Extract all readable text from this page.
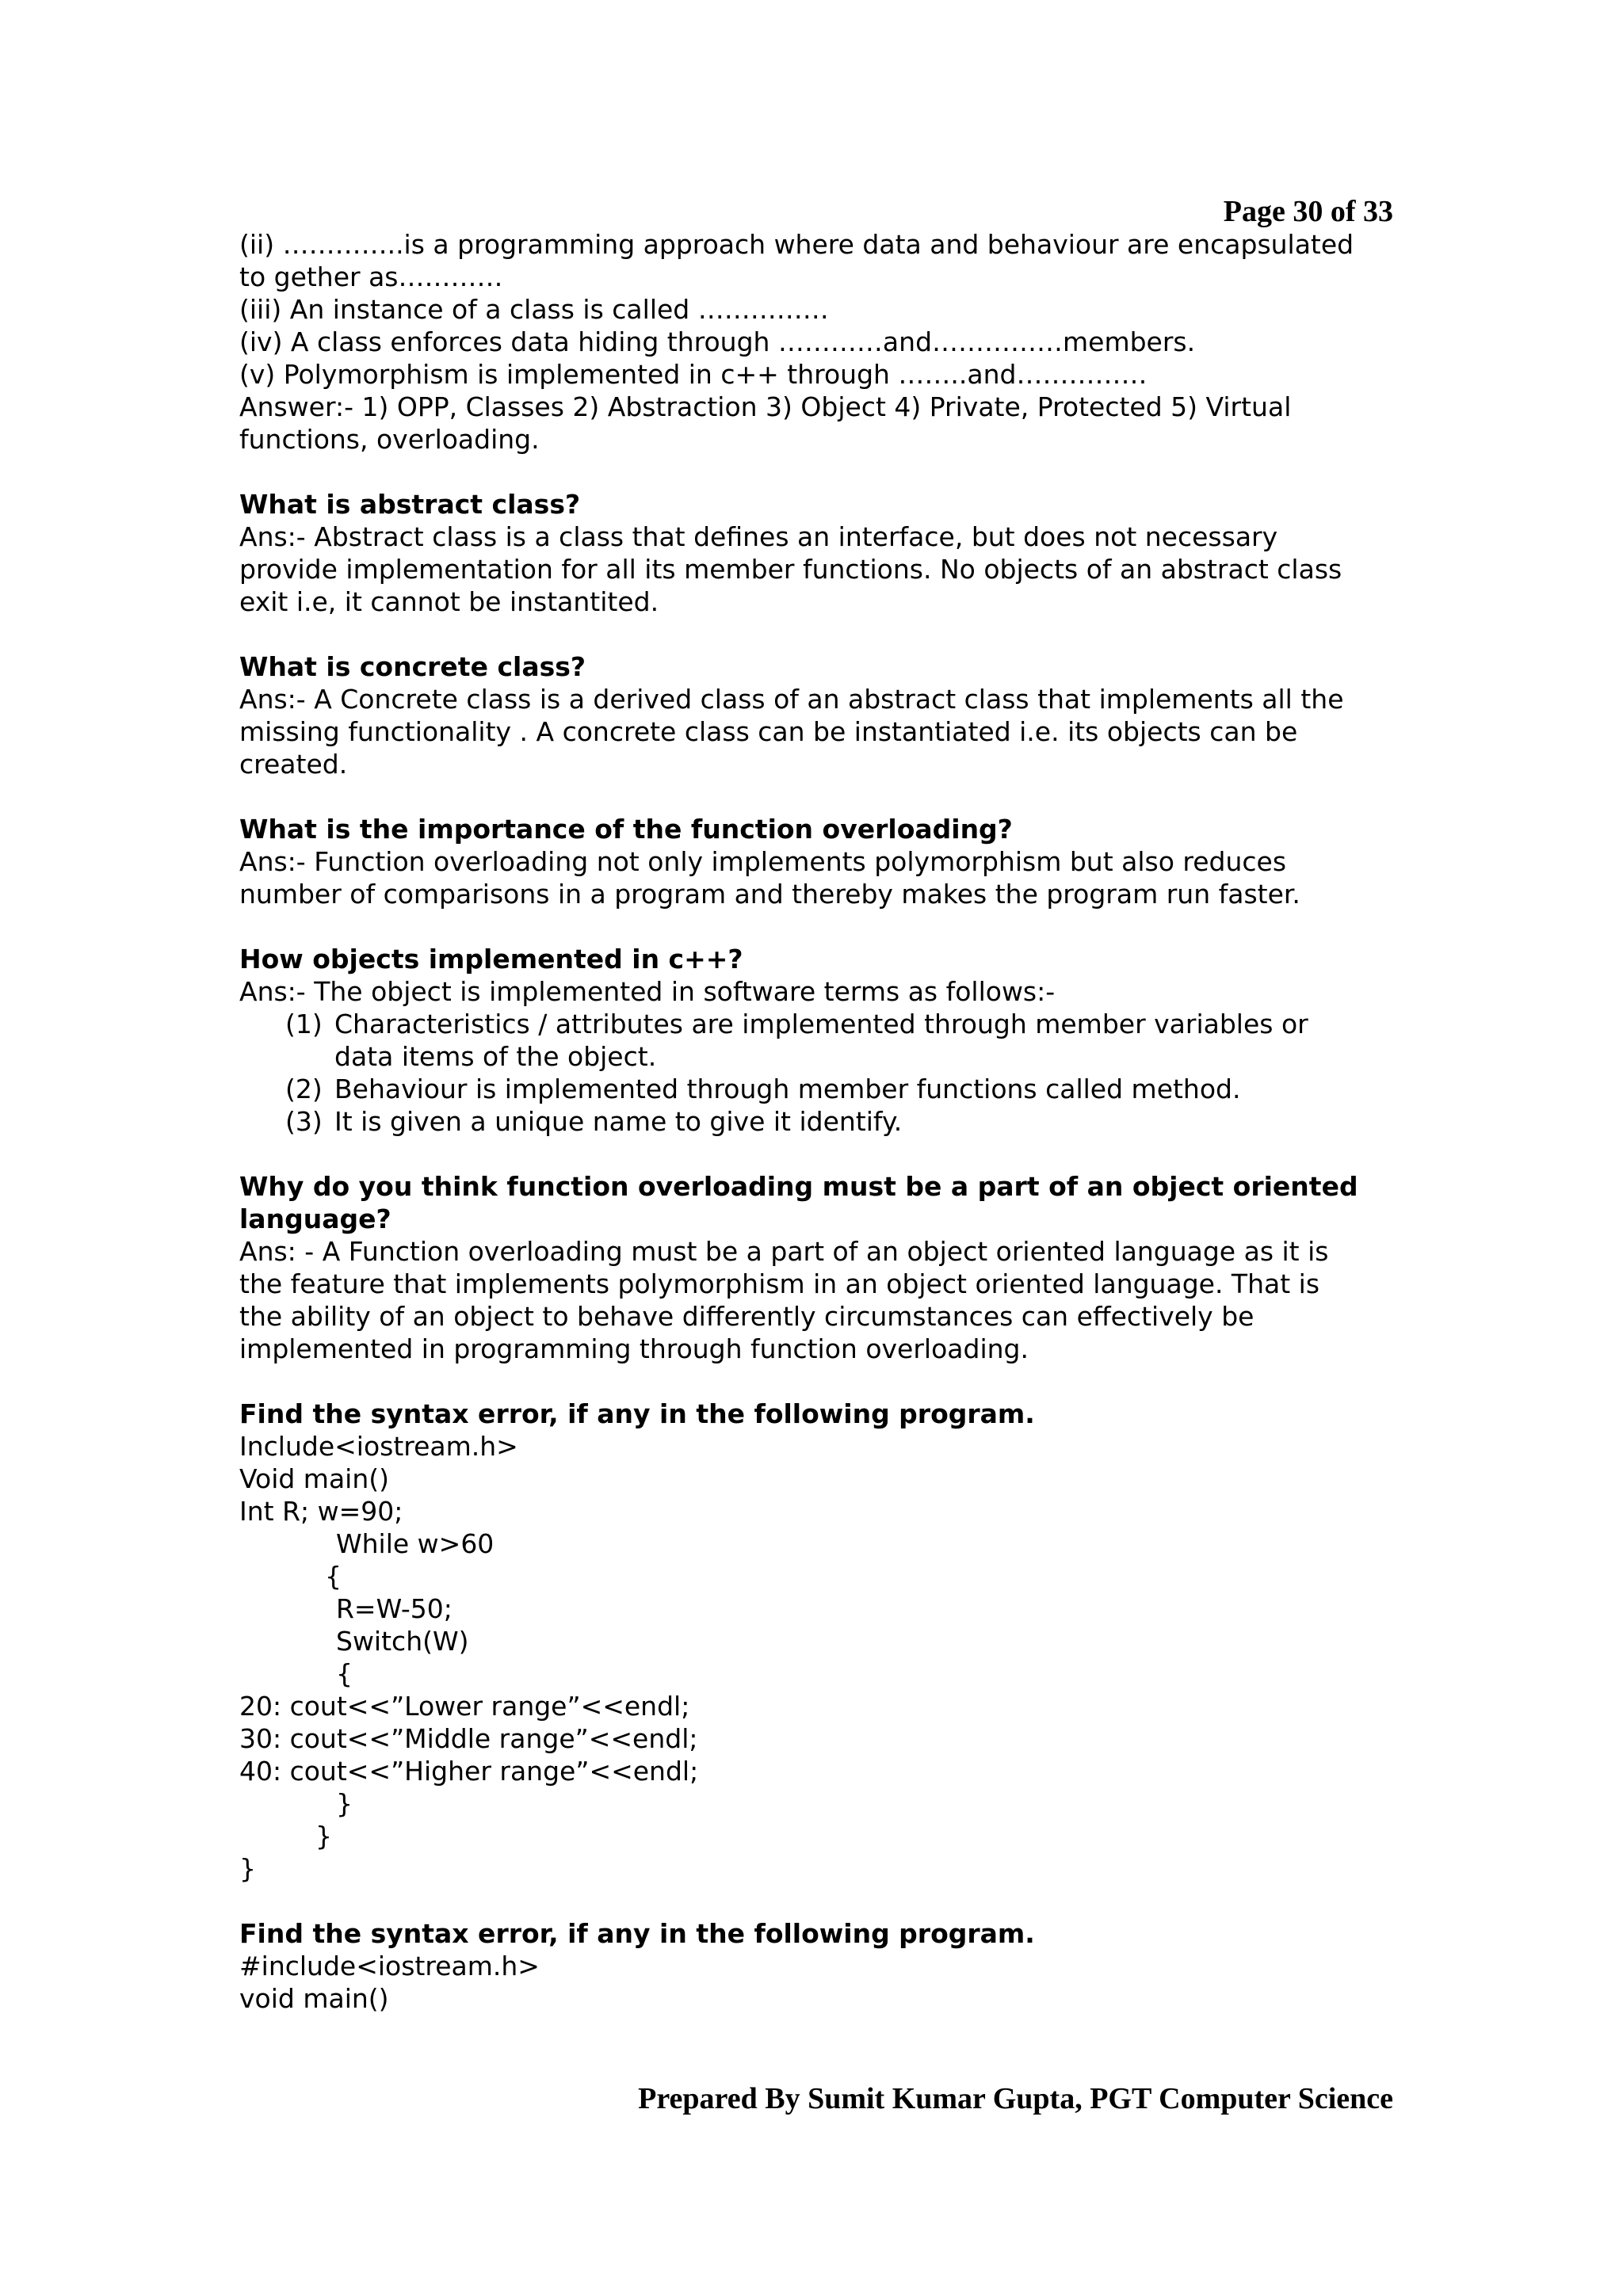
Page 30 of 33

(ii) …………..is a programming approach where data and behaviour are encapsulated

to gether as…………

(iii) An instance of a class is called ……………

(iv) A class enforces data hiding through …………and……………members.

(v) Polymorphism is implemented in c++ through ……..and……………

Answer:- 1) OPP, Classes 2) Abstraction 3) Object 4) Private, Protected 5) Virtual

functions, overloading.

What is abstract class?

Ans:- Abstract class is a class that defines an interface, but does not necessary

provide implementation for all its member functions. No objects of an abstract class

exit i.e, it cannot be instantited.

What is concrete class?

Ans:- A Concrete class is a derived class of an abstract class that implements all the

missing functionality . A concrete class can be instantiated i.e. its objects can be

created.

What is the importance of the function overloading?

Ans:- Function overloading not only implements polymorphism but also reduces

number of comparisons in a program and thereby makes the program run faster.

How objects implemented in c++?

Ans:- The object is implemented in software terms as follows:-

(1) Characteristics / attributes are implemented through member variables or
data items of the object.
(2) Behaviour is implemented through member functions called method.
(3) It is given a unique name to give it identify.

Why do you think function overloading must be a part of an object oriented

language?

Ans: - A Function overloading must be a part of an object oriented language as it is

the feature that implements polymorphism in an object oriented language. That is

the ability of an object to behave differently circumstances can effectively be

implemented in programming through function overloading.

Find the syntax error, if any in the following program.

Include<iostream.h>

Void main()

Int R; w=90;

While w>60

{

R=W-50;

Switch(W)

{

20: cout<<”Lower range”<<endl;

30: cout<<”Middle range”<<endl;

40: cout<<”Higher range”<<endl;

}

}

}

Find the syntax error, if any in the following program.

#include<iostream.h>

void main()

Prepared By Sumit Kumar Gupta, PGT Computer Science
